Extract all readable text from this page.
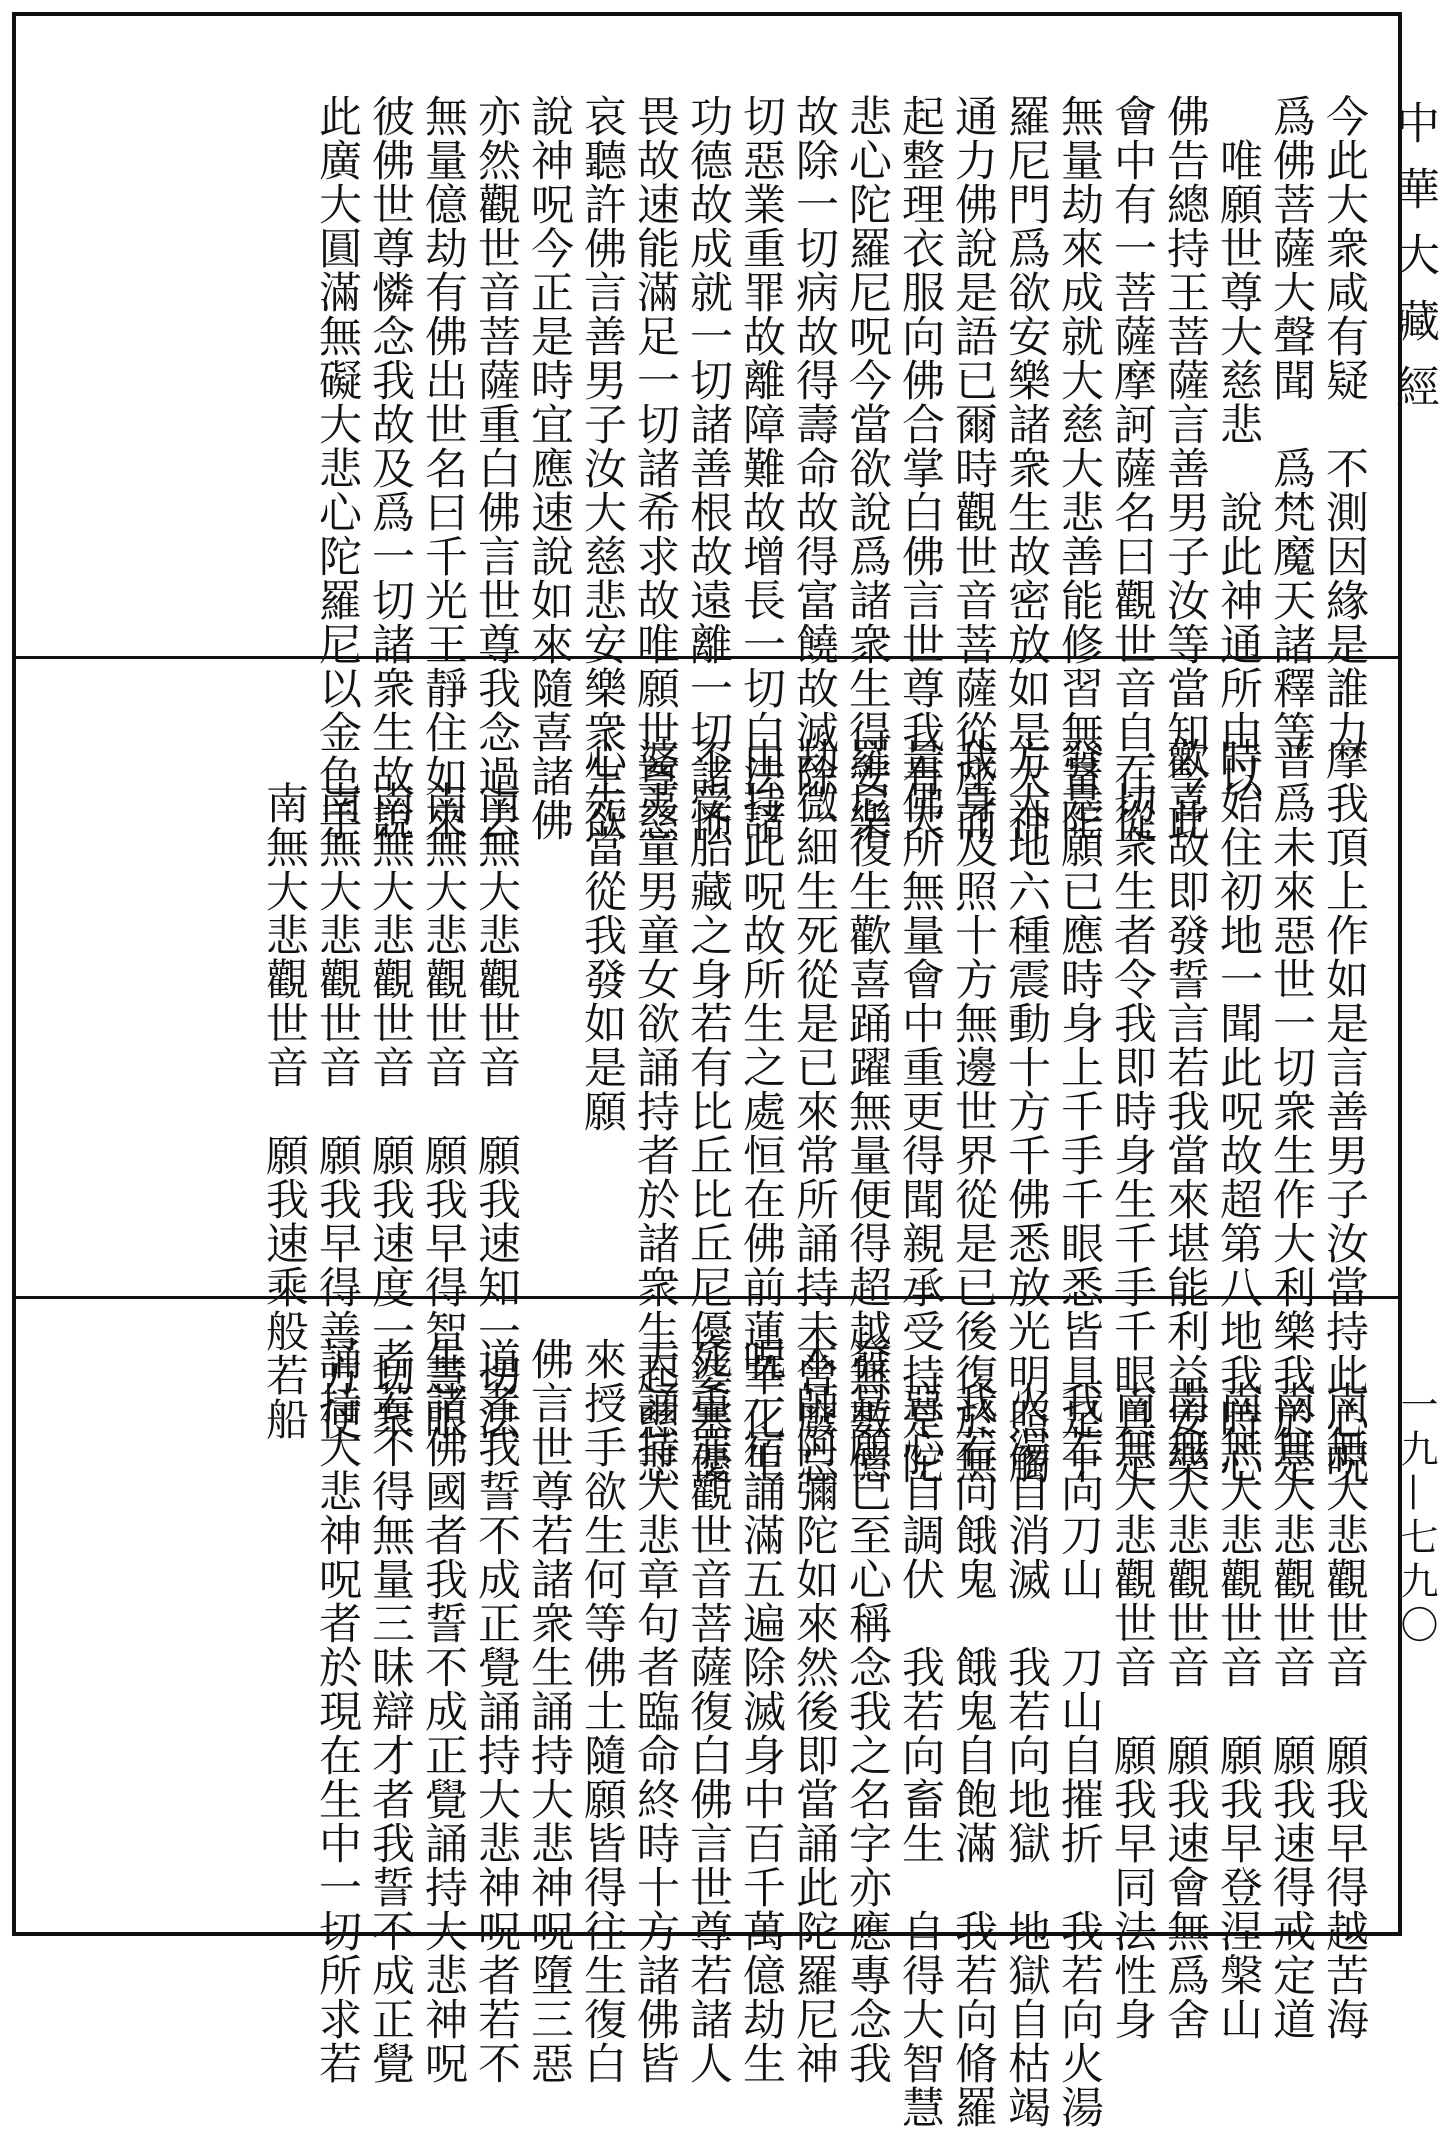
今此大衆咸有疑　不測因緣是誰力
爲佛菩薩大聲聞　爲梵魔天諸釋等
　唯願世尊大慈悲　說此神通所由以
佛告總持王菩薩言善男子汝等當知今此
會中有一菩薩摩訶薩名曰觀世音自在從
無量劫來成就大慈大悲善能修習無量陀
羅尼門爲欲安樂諸衆生故密放如是大神
通力佛說是語已爾時觀世音菩薩從座而
起整理衣服向佛合掌白佛言世尊我有大
悲心陀羅尼呪今當欲說爲諸衆生得安樂
故除一切病故得壽命故得富饒故滅除一
切惡業重罪故離障難故增長一切白法諸
功德故成就一切諸善根故遠離一切諸怖
畏故速能滿足一切諸希求故唯願世尊慈
哀聽許佛言善男子汝大慈悲安樂衆生欲
說神呪今正是時宜應速說如來隨喜諸佛
亦然觀世音菩薩重白佛言世尊我念過去
無量億劫有佛出世名曰千光王靜住如來
彼佛世尊憐念我故及爲一切諸衆生故說
此廣大圓滿無礙大悲心陀羅尼以金色手
摩我頂上作如是言善男子汝當持此心呪
普爲未來惡世一切衆生作大利樂我於是
時始住初地一聞此呪故超第八地我時心
歡喜故即發誓言若我當來堪能利益安樂
一切衆生者令我即時身生千手千眼具足
發是願已應時身上千手千眼悉皆具足十
方大地六種震動十方千佛悉放光明照觸
我身及照十方無邊世界從是已後復於無
量佛所無量會中重更得聞親承受持是陀
羅尼復生歡喜踊躍無量便得超越無數億
劫微細生死從是已來常所誦持未曾廢忘
由持此呪故所生之處恒在佛前蓮華化生
不受胎藏之身若有比丘比丘尼優婆塞優
婆夷童男童女欲誦持者於諸衆生起慈悲
心先當從我發如是願
　南無大悲觀世音　願我速知一切法
　南無大悲觀世音　願我早得智慧眼
　南無大悲觀世音　願我速度一切衆
　南無大悲觀世音　願我早得善方便
　南無大悲觀世音　願我速乘般若船
　南無大悲觀世音　願我早得越苦海
　南無大悲觀世音　願我速得戒定道
　南無大悲觀世音　願我早登涅槃山
　南無大悲觀世音　願我速會無爲舍
　南無大悲觀世音　願我早同法性身
　我若向刀山　刀山自摧折　我若向火湯
　火湯自消滅　我若向地獄　地獄自枯竭
　我若向餓鬼　餓鬼自飽滿　我若向脩羅
　惡心自調伏　我若向畜生　自得大智慧
發是願已至心稱念我之名字亦應專念我
本師阿彌陀如來然後即當誦此陀羅尼神
呪一宿誦滿五遍除滅身中百千萬億劫生
死重罪觀世音菩薩復白佛言世尊若諸人
天誦持大悲章句者臨命終時十方諸佛皆
來授手欲生何等佛土隨願皆得往生復白
佛言世尊若諸衆生誦持大悲神呪墮三惡
道者我誓不成正覺誦持大悲神呪者若不
生諸佛國者我誓不成正覺誦持大悲神呪
者若不得無量三昧辯才者我誓不成正覺
誦持大悲神呪者於現在生中一切所求若
中華大藏經
一九—七九〇
